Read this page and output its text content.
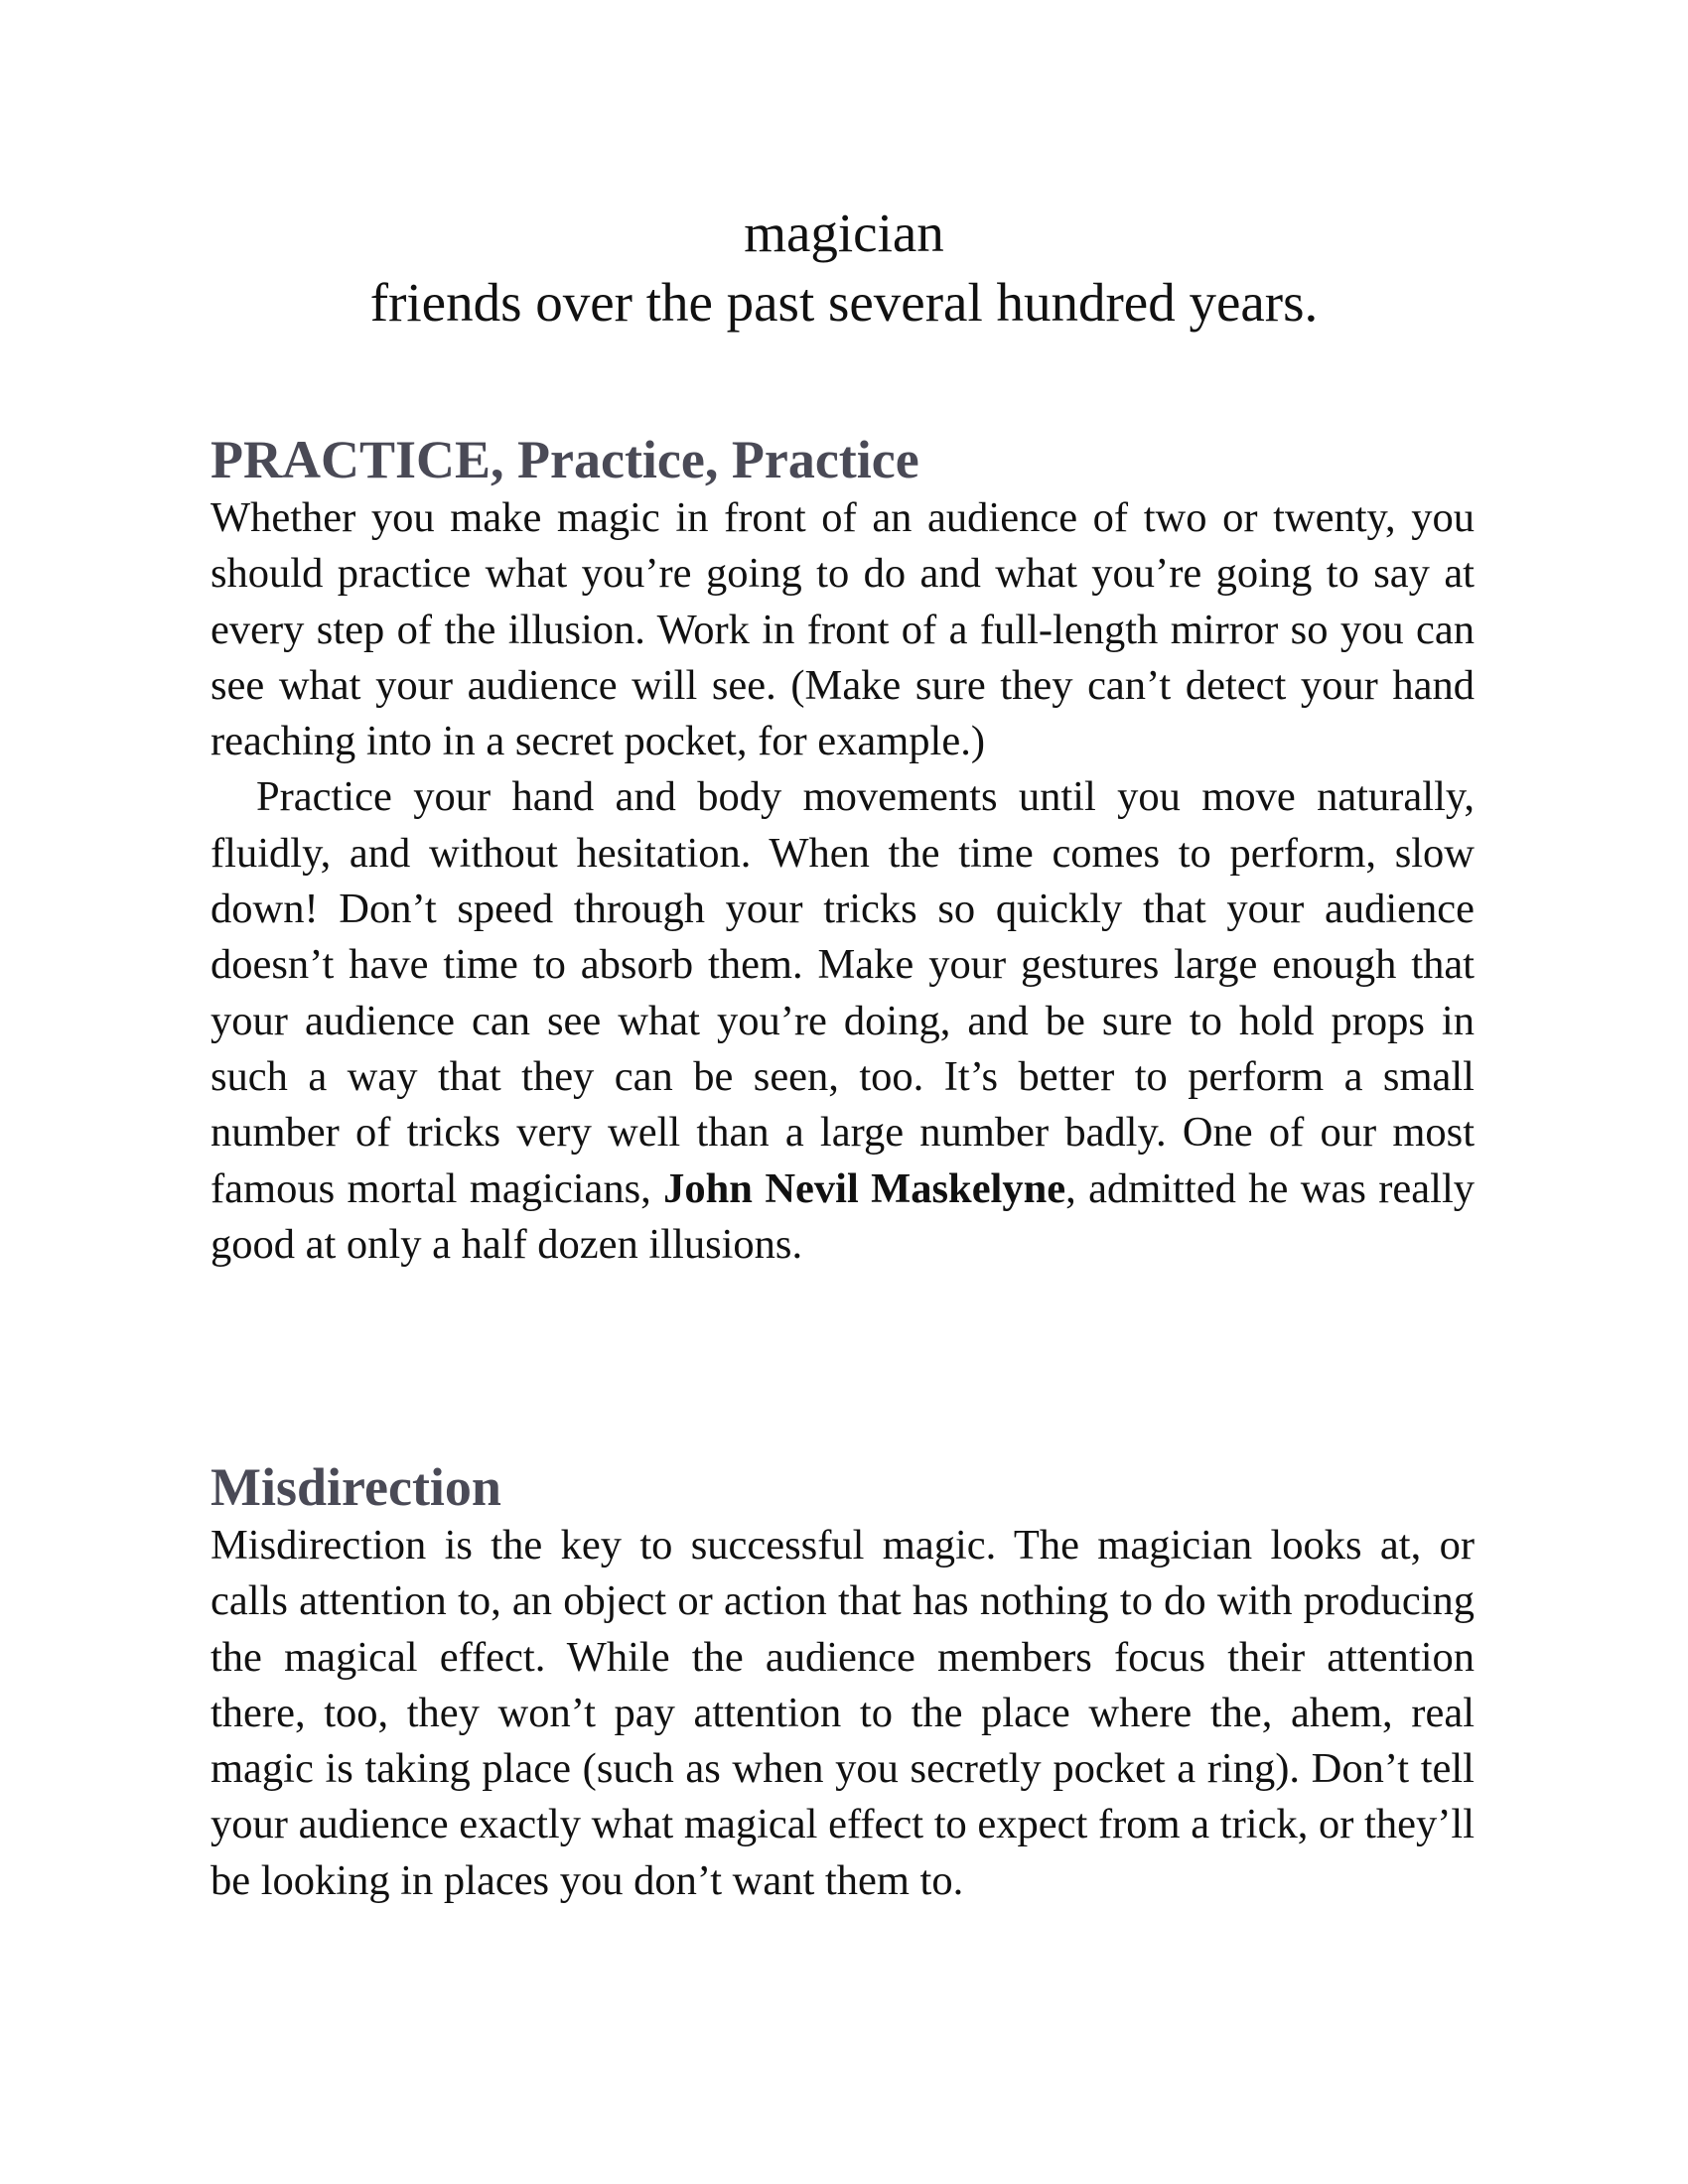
magician
friends over the past several hundred years.
PRACTICE, Practice, Practice

Whether you make magic in front of an audience of two or twenty, you should practice what you’re going to do and what you’re going to say at every step of the illusion. Work in front of a full-length mirror so you can see what your audience will see. (Make sure they can’t detect your hand reaching into in a secret pocket, for example.)

Practice your hand and body movements until you move naturally, fluidly, and without hesitation. When the time comes to perform, slow down! Don’t speed through your tricks so quickly that your audience doesn’t have time to absorb them. Make your gestures large enough that your audience can see what you’re doing, and be sure to hold props in such a way that they can be seen, too. It’s better to perform a small number of tricks very well than a large number badly. One of our most famous mortal magicians, John Nevil Maskelyne, admitted he was really good at only a half dozen illusions.

Misdirection

Misdirection is the key to successful magic. The magician looks at, or calls attention to, an object or action that has nothing to do with producing the magical effect. While the audience members focus their attention there, too, they won’t pay attention to the place where the, ahem, real magic is taking place (such as when you secretly pocket a ring). Don’t tell your audience exactly what magical effect to expect from a trick, or they’ll be looking in places you don’t want them to.
